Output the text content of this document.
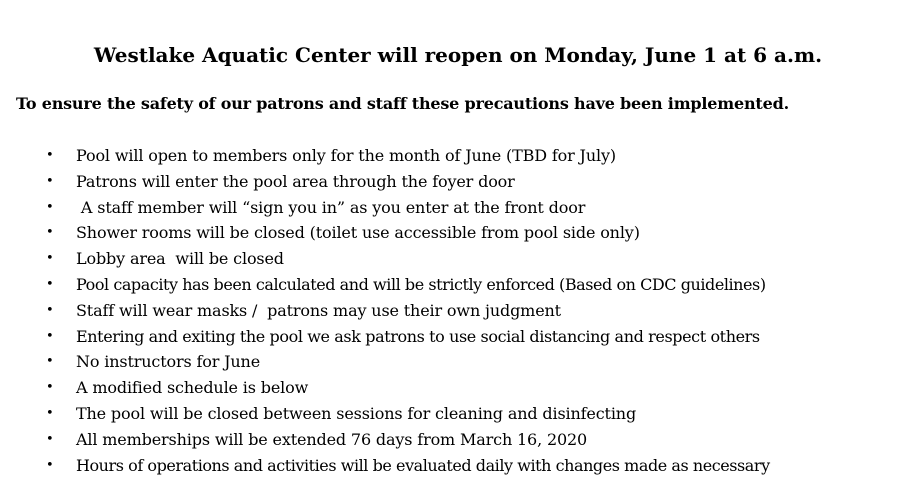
Westlake Aquatic Center will reopen on Monday, June 1 at 6 a.m.
To ensure the safety of our patrons and staff these precautions have been implemented.
• Pool will open to members only for the month of June (TBD for July)
• Patrons will enter the pool area through the foyer door
• A staff member will “sign you in” as you enter at the front door
• Shower rooms will be closed (toilet use accessible from pool side only)
• Lobby area  will be closed
• Pool capacity has been calculated and will be strictly enforced (Based on CDC guidelines)
• Staff will wear masks /  patrons may use their own judgment
• Entering and exiting the pool we ask patrons to use social distancing and respect others
• No instructors for June
• A modified schedule is below
• The pool will be closed between sessions for cleaning and disinfecting
• All memberships will be extended 76 days from March 16, 2020
• Hours of operations and activities will be evaluated daily with changes made as necessary
